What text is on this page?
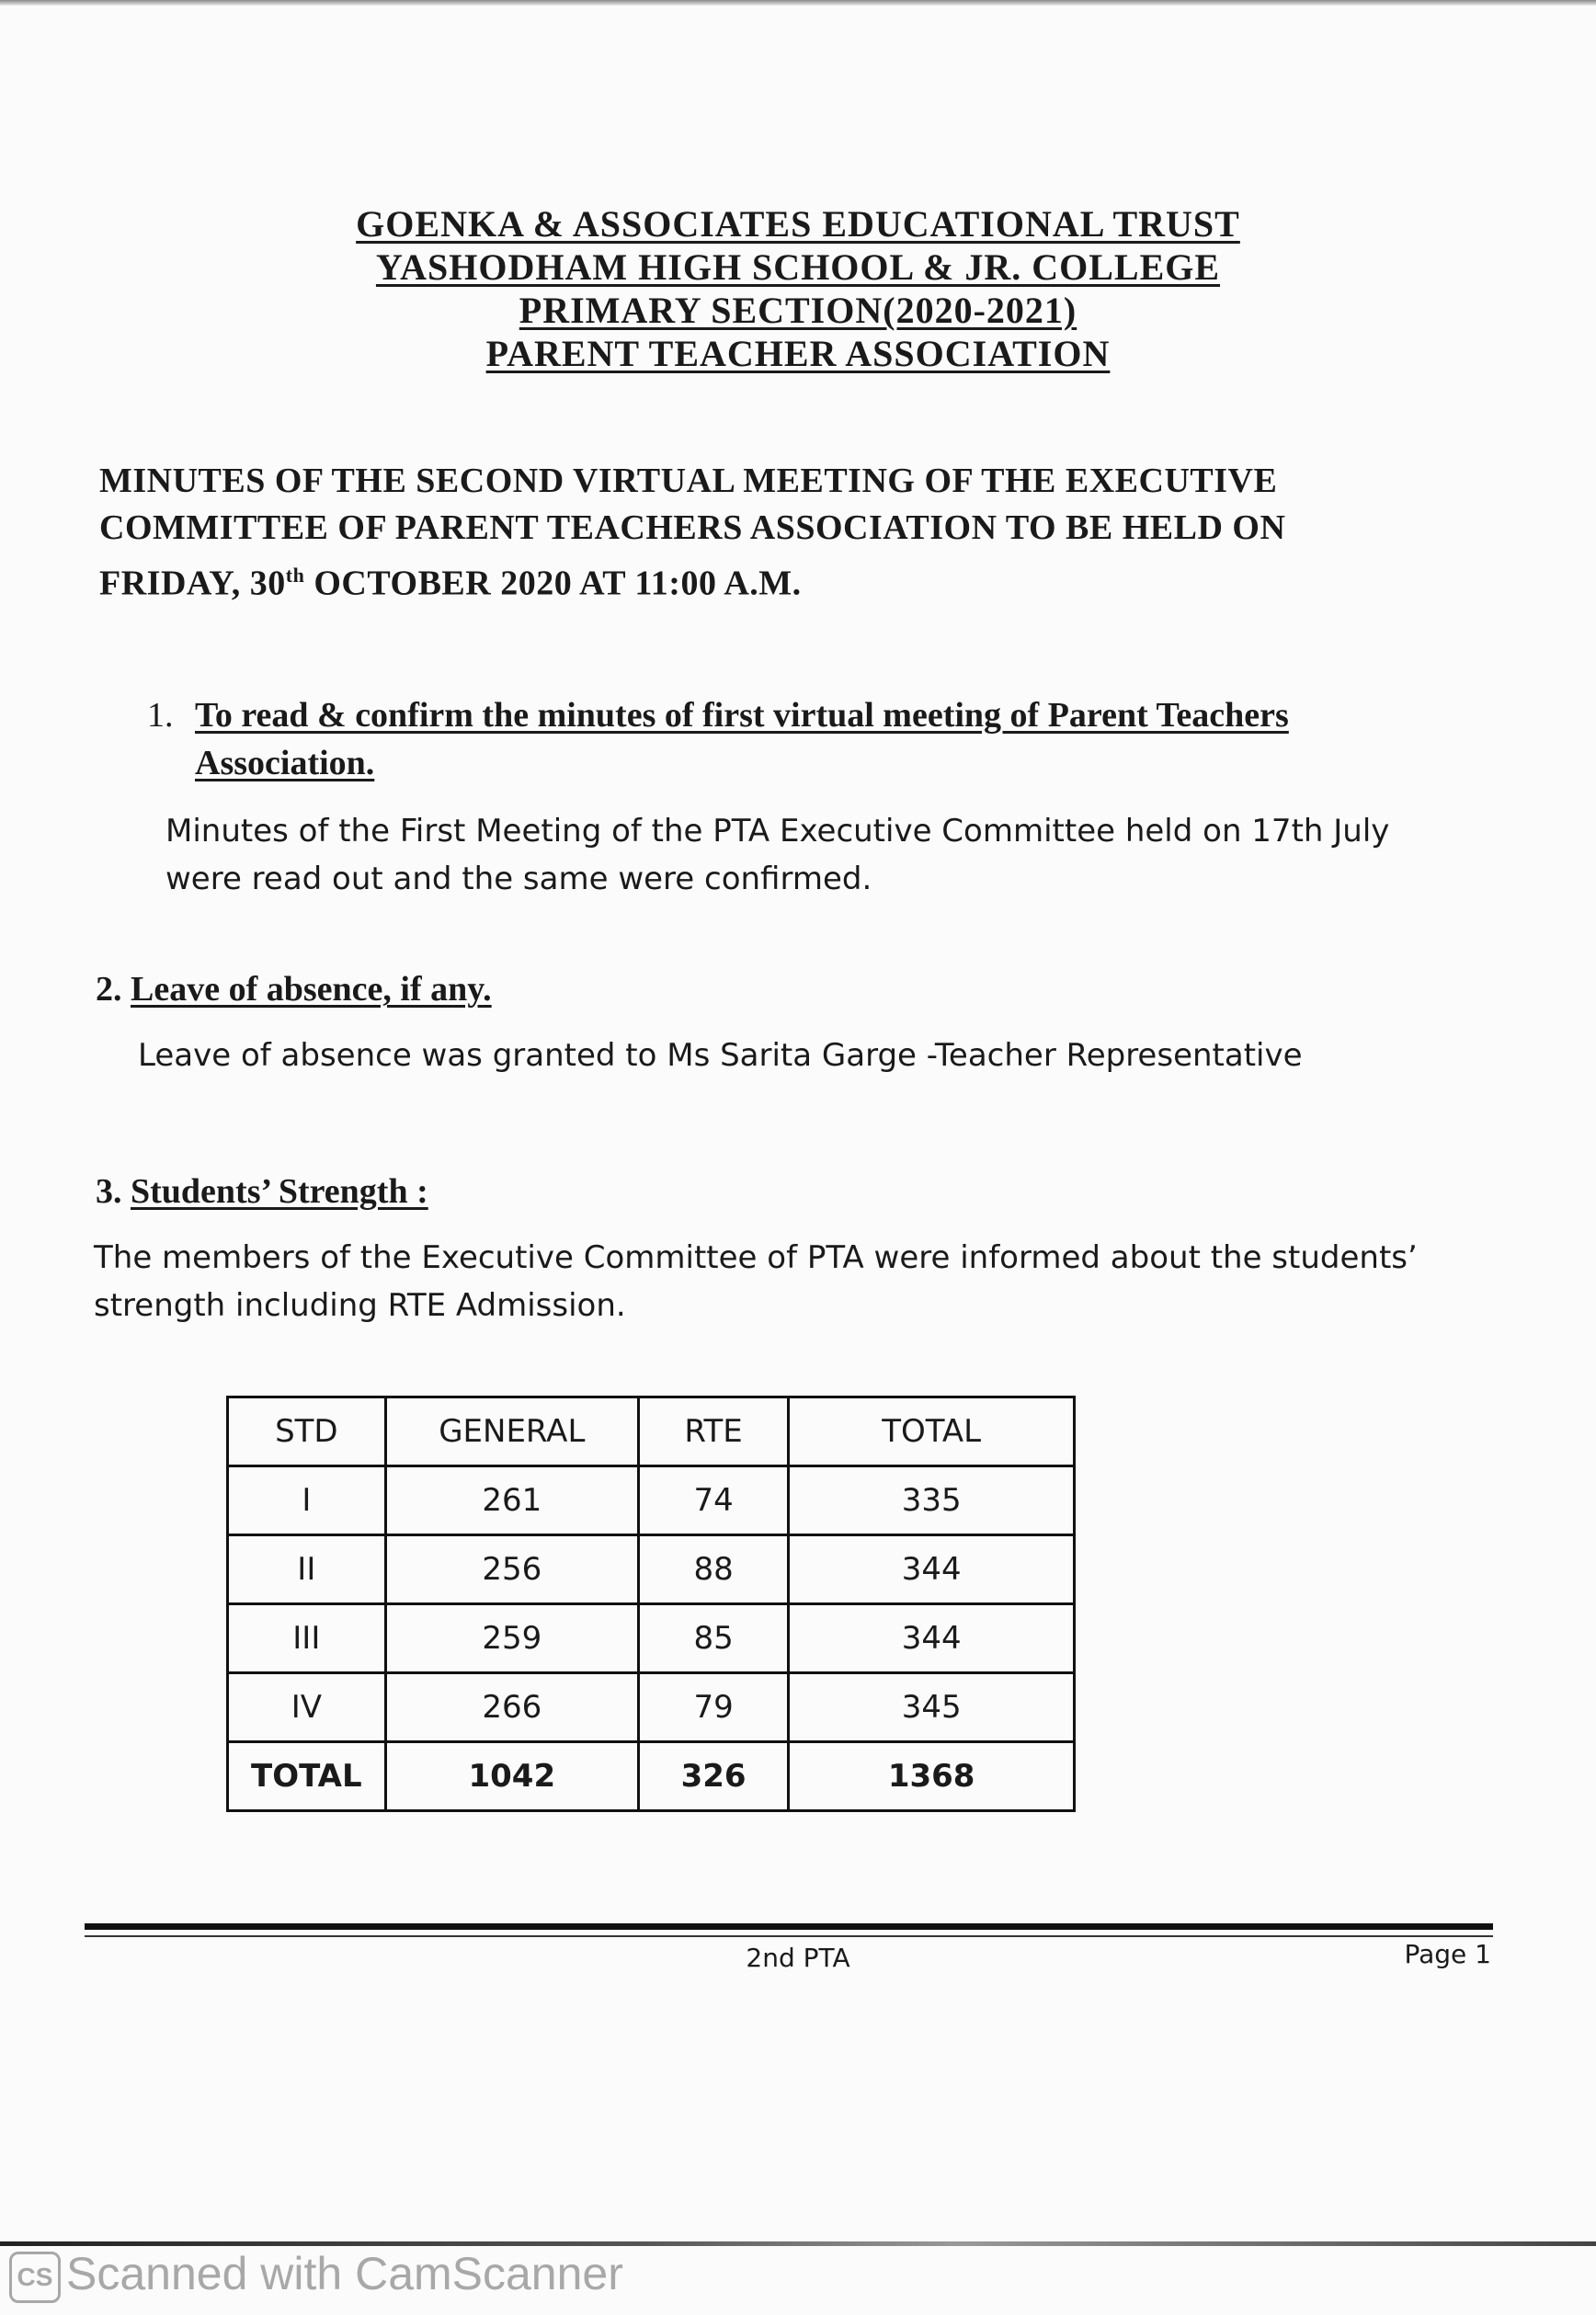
GOENKA & ASSOCIATES EDUCATIONAL TRUST
YASHODHAM HIGH SCHOOL & JR. COLLEGE
PRIMARY SECTION(2020-2021)
PARENT TEACHER ASSOCIATION
MINUTES OF THE SECOND VIRTUAL MEETING OF THE EXECUTIVE
COMMITTEE OF PARENT TEACHERS ASSOCIATION TO BE HELD ON
FRIDAY, 30th OCTOBER 2020 AT 11:00 A.M.
1. To read & confirm the minutes of first virtual meeting of Parent Teachers Association.
Minutes of the First Meeting of the PTA Executive Committee held on 17th July were read out and the same were confirmed.
2. Leave of absence, if any.
Leave of absence was granted to Ms Sarita Garge -Teacher Representative
3. Students’ Strength :
The members of the Executive Committee of PTA were informed about the students’ strength including RTE Admission.
STD	GENERAL	RTE	TOTAL
I	261	74	335
II	256	88	344
III	259	85	344
IV	266	79	345
TOTAL	1042	326	1368
2nd PTA	Page 1
CS Scanned with CamScanner
